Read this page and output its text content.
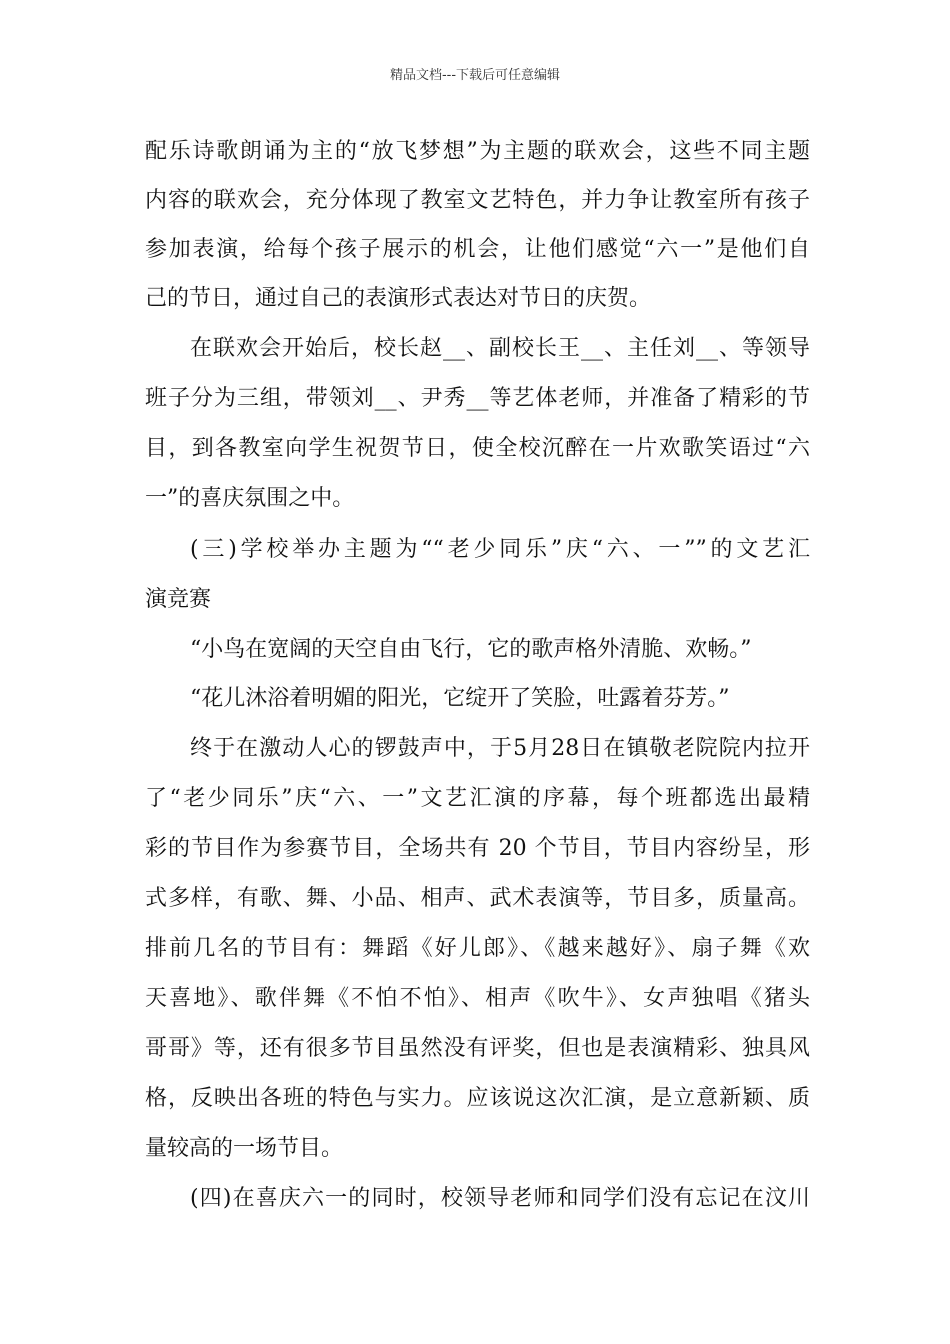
精品文档---下载后可任意编辑
配乐诗歌朗诵为主的“放飞梦想”为主题的联欢会，这些不同主题
内容的联欢会，充分体现了教室文艺特色，并力争让教室所有孩子
参加表演，给每个孩子展示的机会，让他们感觉“六一”是他们自
己的节日，通过自己的表演形式表达对节日的庆贺。
在联欢会开始后，校长赵__、副校长王__、主任刘__、等领导
班子分为三组，带领刘__、尹秀__等艺体老师，并准备了精彩的节
目，到各教室向学生祝贺节日，使全校沉醉在一片欢歌笑语过“六
一”的喜庆氛围之中。
(三)学校举办主题为““老少同乐”庆“六、一””的文艺汇
演竞赛
“小鸟在宽阔的天空自由飞行，它的歌声格外清脆、欢畅。”
“花儿沐浴着明媚的阳光，它绽开了笑脸，吐露着芬芳。”
终于在激动人心的锣鼓声中，于5月28日在镇敬老院院内拉开
了“老少同乐”庆“六、一”文艺汇演的序幕，每个班都选出最精
彩的节目作为参赛节目，全场共有 20 个节目，节目内容纷呈，形
式多样，有歌、舞、小品、相声、武术表演等，节目多，质量高。
排前几名的节目有：舞蹈《好儿郎》、《越来越好》、扇子舞《欢
天喜地》、歌伴舞《不怕不怕》、相声《吹牛》、女声独唱《猪头
哥哥》等，还有很多节目虽然没有评奖，但也是表演精彩、独具风
格，反映出各班的特色与实力。应该说这次汇演，是立意新颖、质
量较高的一场节目。
(四)在喜庆六一的同时，校领导老师和同学们没有忘记在汶川
